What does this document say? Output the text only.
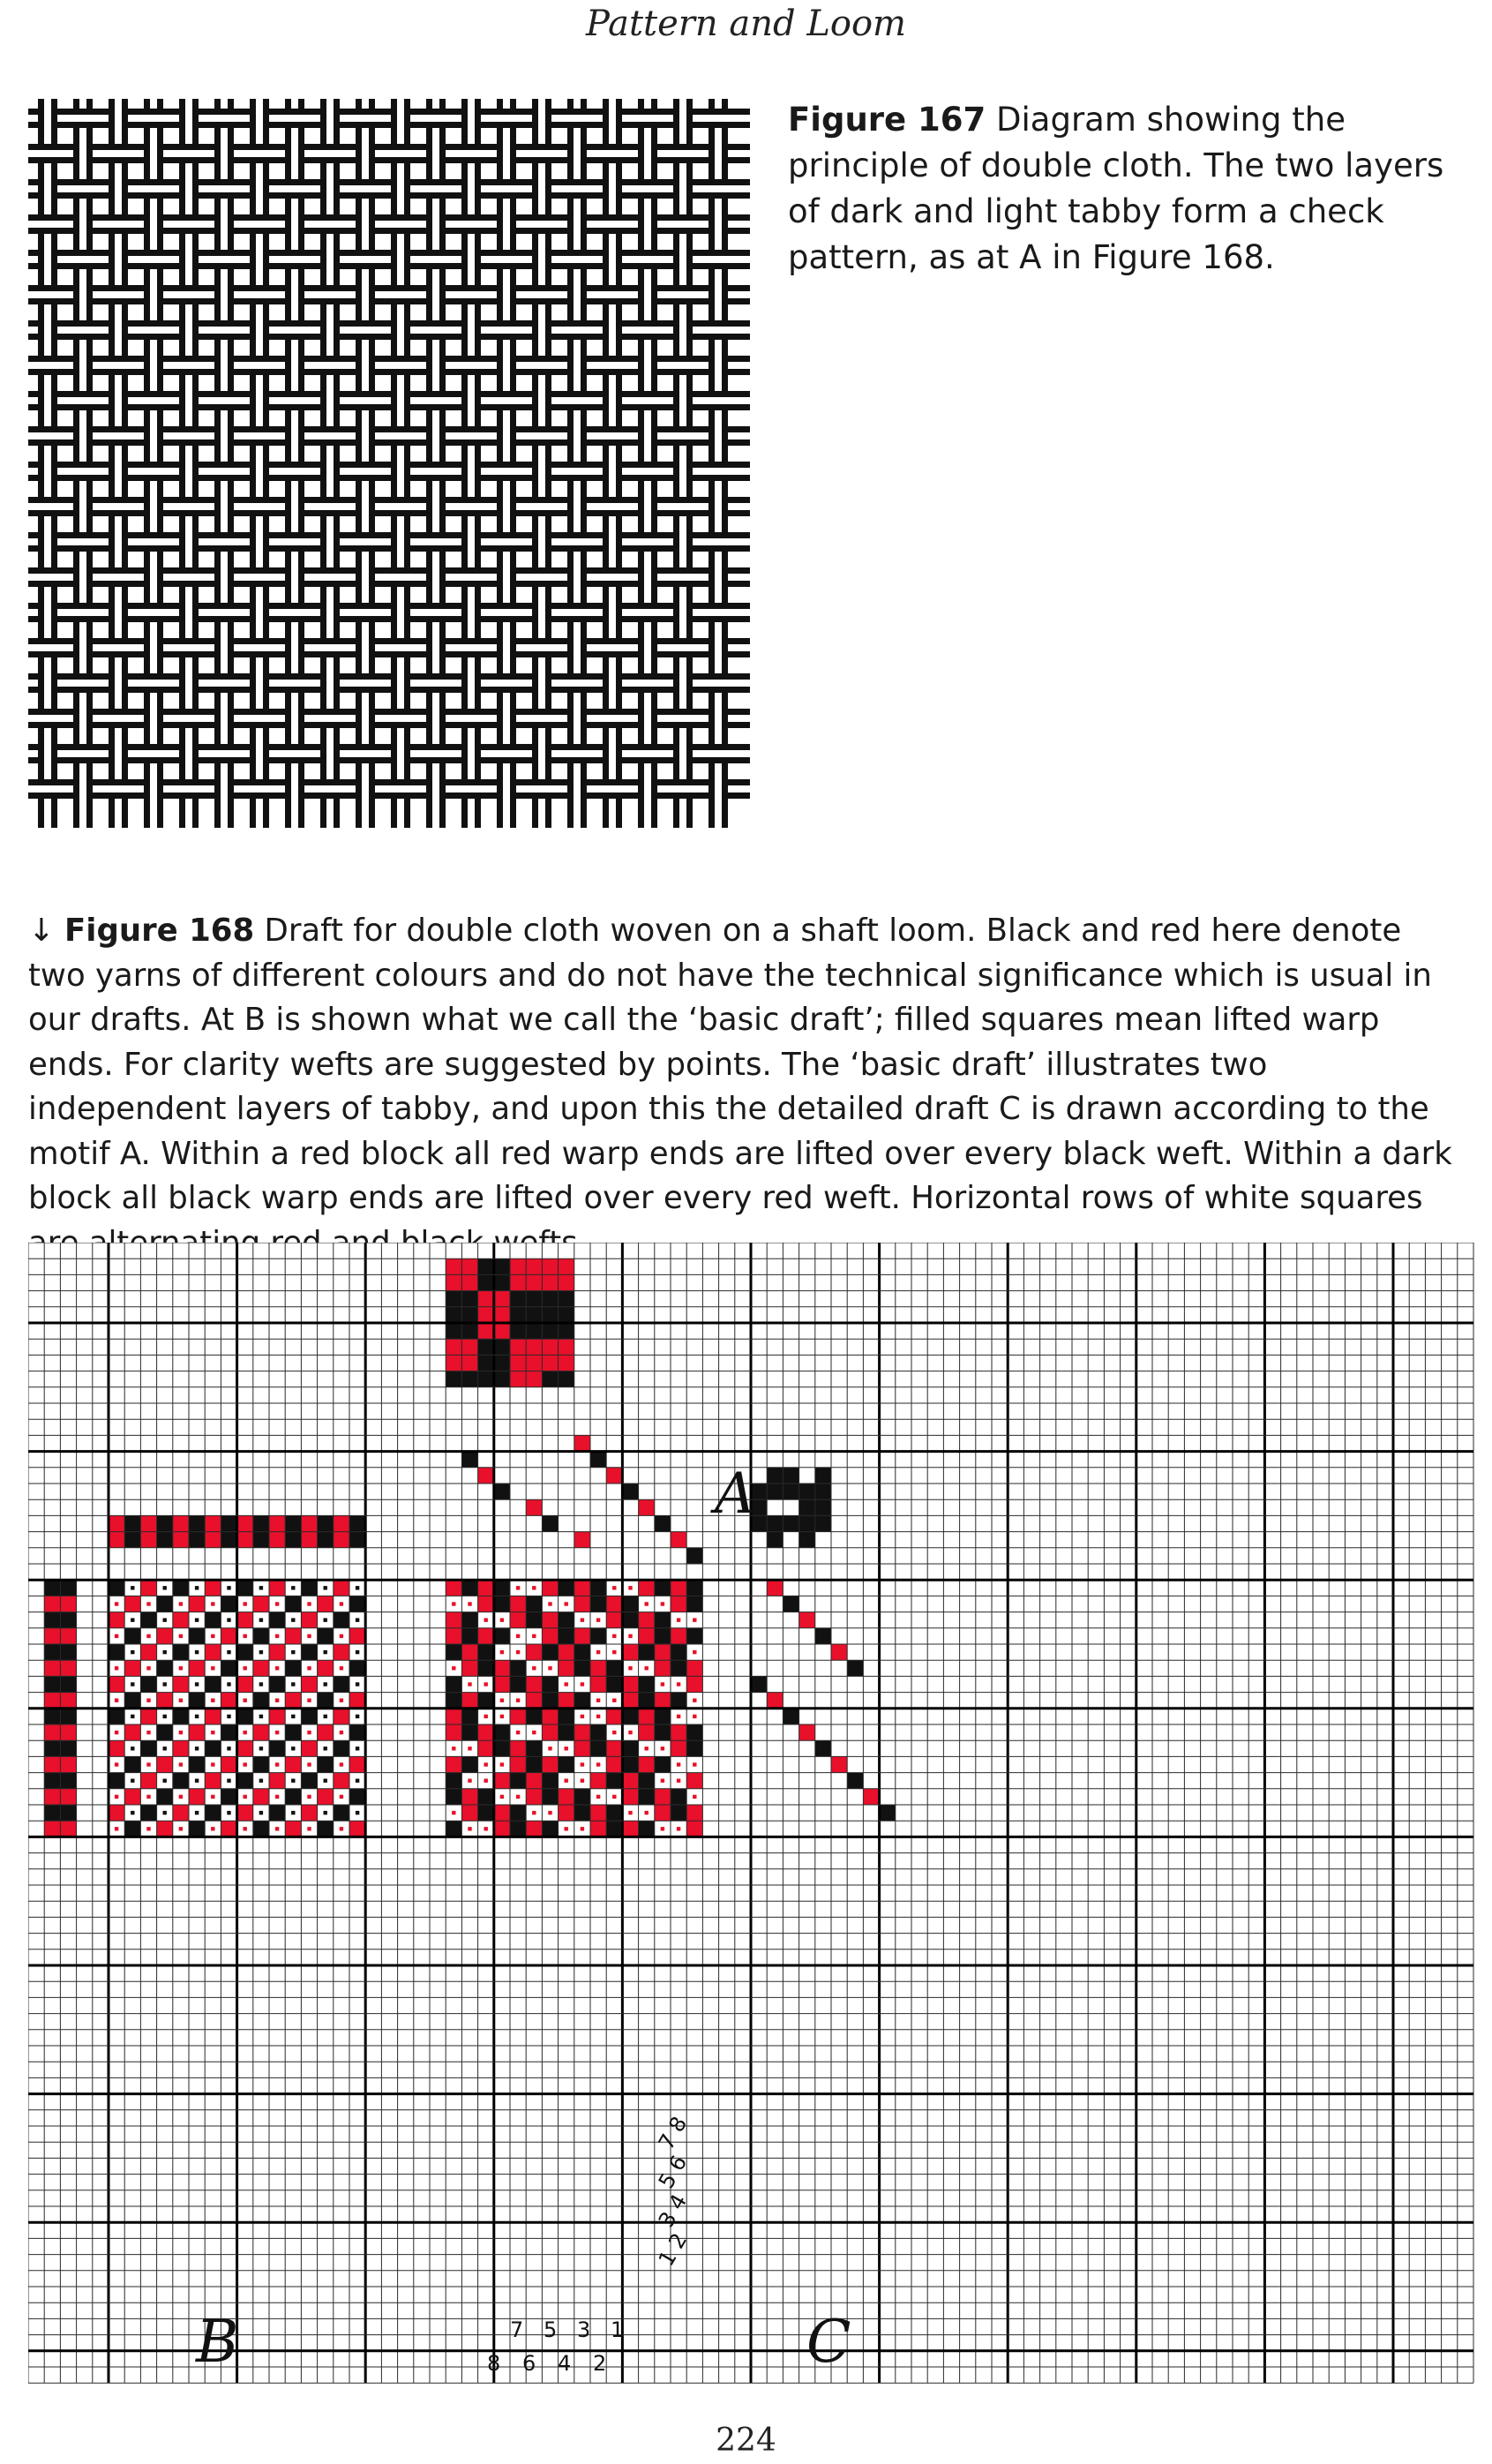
Pattern and Loom
Figure 167 Diagram showing the principle of double cloth. The two layers of dark and light tabby form a check pattern, as at A in Figure 168.
↓ Figure 168 Draft for double cloth woven on a shaft loom. Black and red here denote two yarns of different colours and do not have the technical significance which is usual in our drafts. At B is shown what we call the ‘basic draft’; filled squares mean lifted warp ends. For clarity wefts are suggested by points. The ‘basic draft’ illustrates two independent layers of tabby, and upon this the detailed draft C is drawn according to the motif A. Within a red block all red warp ends are lifted over every black weft. Within a dark block all black warp ends are lifted over every red weft. Horizontal rows of white squares
A
B	C
7 5 3 1
8 6 4 2
7 8
5 6
3 4
1 2
224
